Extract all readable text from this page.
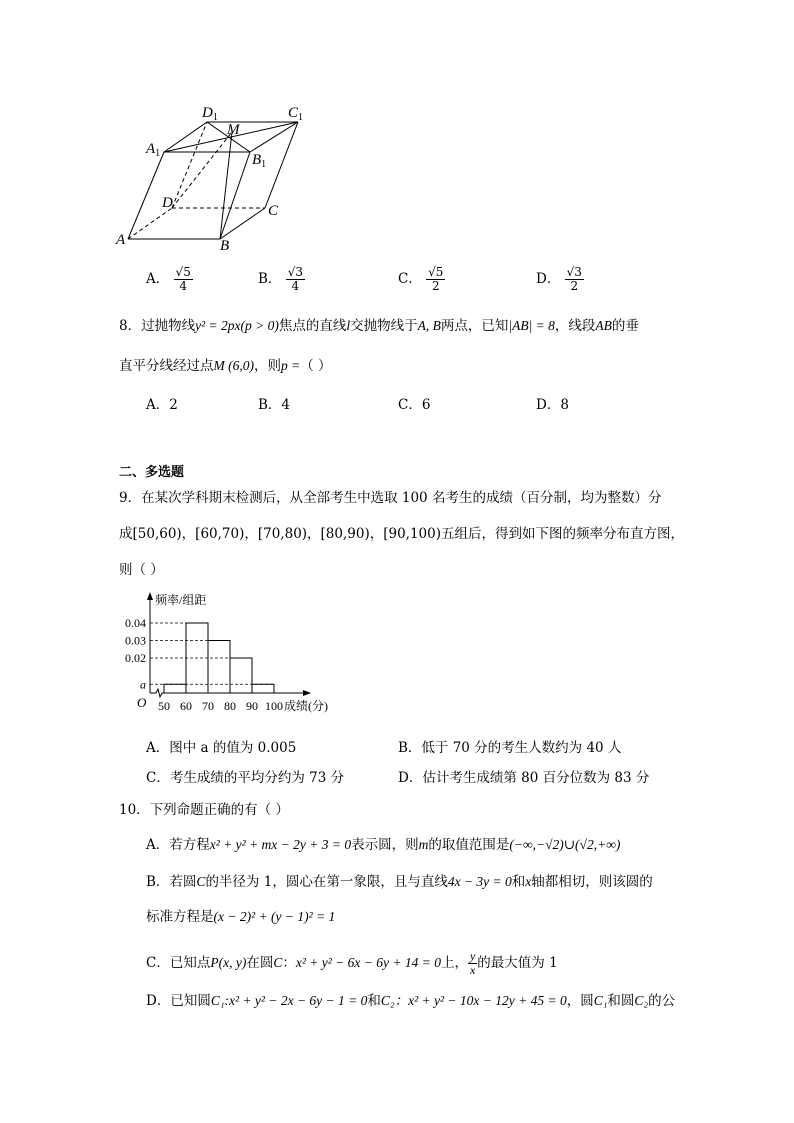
$D_1$	$C_1$
$A_1$	$B_1$
M
D	C
A	B
A． $\frac{√5}{4}$	B． $\frac{√3}{4}$	C． $\frac{√5}{2}$	D． $\frac{√3}{2}$
8．过抛物线y² = 2px(p > 0)焦点的直线l交抛物线于A, B两点，已知|AB| = 8，线段AB的垂
直平分线经过点M (6,0)，则p =（ ）
A．2	B．4	C．6	D．8
二、多选题
9．在某次学科期末检测后，从全部考生中选取 100 名考生的成绩（百分制，均为整数）分
成[50,60)，[60,70)，[70,80)，[80,90)，[90,100)五组后，得到如下图的频率分布直方图，
则（ ）
a
0.02
0.03
0.04
50 60 70 80 90 100 成绩(分)
频率/组距
O
A．图中 a 的值为 0.005	B．低于 70 分的考生人数约为 40 人
C．考生成绩的平均分约为 73 分	D．估计考生成绩第 80 百分位数为 83 分
10．下列命题正确的有（ ）
A．若方程x² + y² + mx − 2y + 3 = 0表示圆，则m的取值范围是(−∞,−√2)∪(√2,+∞)
B．若圆C的半径为 1，圆心在第一象限，且与直线4x − 3y = 0和x轴都相切，则该圆的
标准方程是(x − 2)² + (y − 1)² = 1
C．已知点P(x, y)在圆C：x² + y² − 6x − 6y + 14 = 0上， $\frac{y}{x}$ 的最大值为 1
D．已知圆C₁:x² + y² − 2x − 6y − 1 = 0和C₂：x² + y² − 10x − 12y + 45 = 0，圆C₁和圆C₂的公
